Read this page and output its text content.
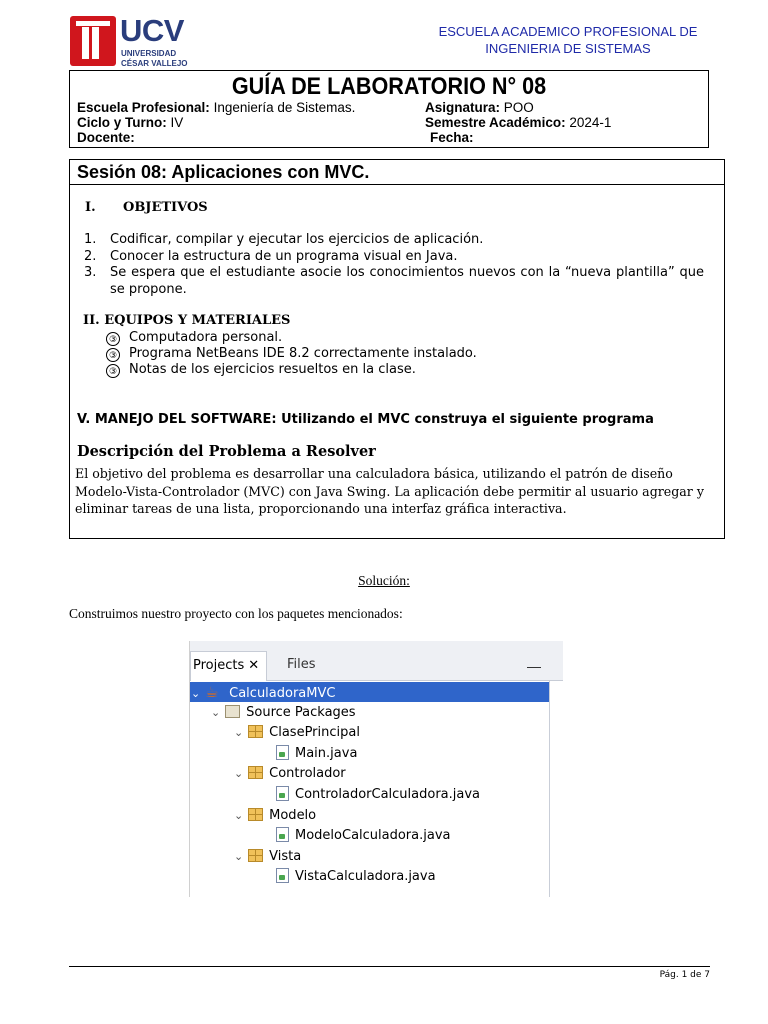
UCV
UNIVERSIDAD
CÉSAR VALLEJO
ESCUELA ACADEMICO PROFESIONAL DE
INGENIERIA DE SISTEMAS
GUÍA DE LABORATORIO N° 08
Escuela Profesional: Ingeniería de Sistemas.	Asignatura: POO
Ciclo y Turno: IV	Semestre Académico: 2024-1
Docente:	Fecha:
Sesión 08: Aplicaciones con MVC.
I. OBJETIVOS
1. Codificar, compilar y ejecutar los ejercicios de aplicación.
2. Conocer la estructura de un programa visual en Java.
3. Se espera que el estudiante asocie los conocimientos nuevos con la “nueva plantilla” que se propone.
II. EQUIPOS Y MATERIALES
③ Computadora personal.
③ Programa NetBeans IDE 8.2 correctamente instalado.
③ Notas de los ejercicios resueltos en la clase.
V. MANEJO DEL SOFTWARE: Utilizando el MVC construya el siguiente programa
Descripción del Problema a Resolver
El objetivo del problema es desarrollar una calculadora básica, utilizando el patrón de diseño Modelo-Vista-Controlador (MVC) con Java Swing. La aplicación debe permitir al usuario agregar y eliminar tareas de una lista, proporcionando una interfaz gráfica interactiva.
Solución:
Construimos nuestro proyecto con los paquetes mencionados:
Projects ✕	Files
⌄ ☕ CalculadoraMVC
⌄ Source Packages
⌄ ClasePrincipal
Main.java
⌄ Controlador
ControladorCalculadora.java
⌄ Modelo
ModeloCalculadora.java
⌄ Vista
VistaCalculadora.java
Pág. 1 de 7
